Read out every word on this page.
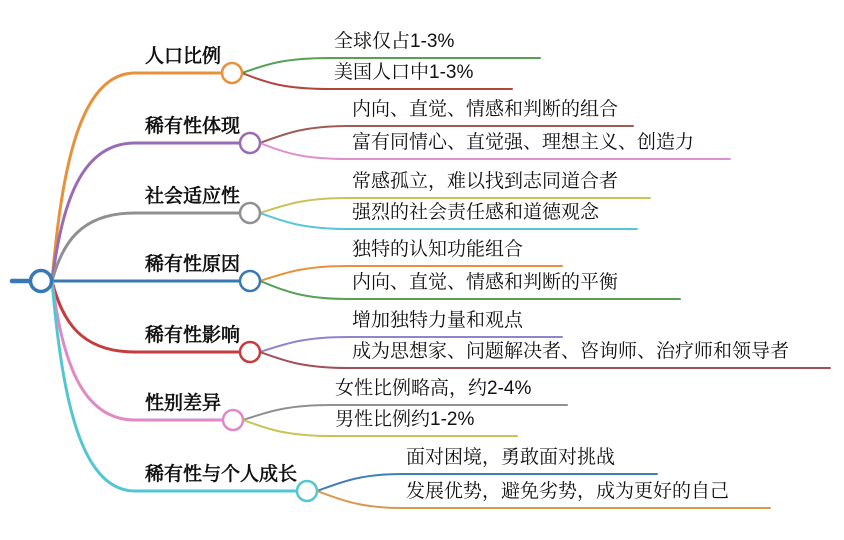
人口比例
稀有性体现
社会适应性
稀有性原因
稀有性影响
性别差异
稀有性与个人成长
全球仅占1-3%
美国人口中1-3%
内向、直觉、情感和判断的组合
富有同情心、直觉强、理想主义、创造力
常感孤立，难以找到志同道合者
强烈的社会责任感和道德观念
独特的认知功能组合
内向、直觉、情感和判断的平衡
增加独特力量和观点
成为思想家、问题解决者、咨询师、治疗师和领导者
女性比例略高，约2-4%
男性比例约1-2%
面对困境，勇敢面对挑战
发展优势，避免劣势，成为更好的自己
